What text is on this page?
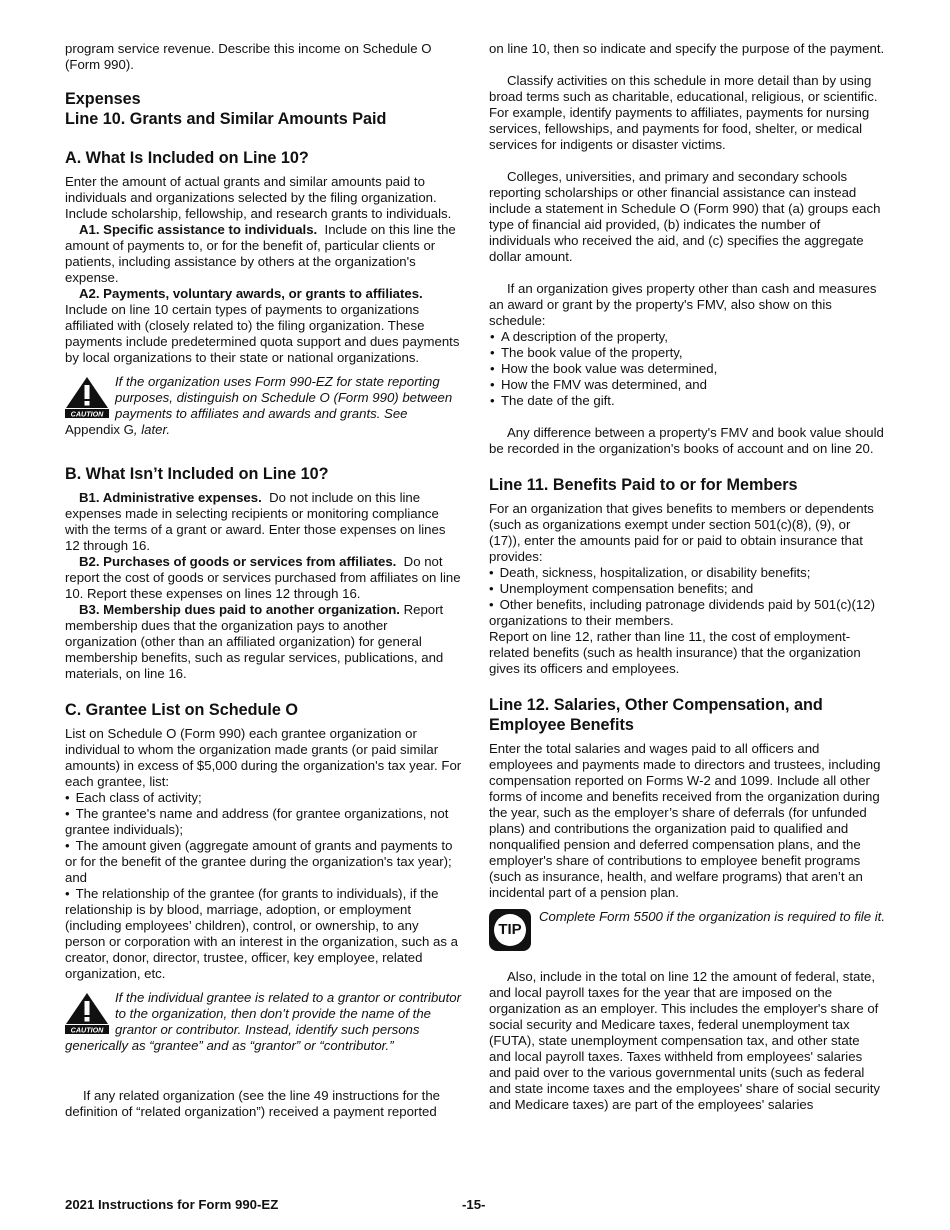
program service revenue. Describe this income on Schedule O (Form 990).

Expenses
Line 10. Grants and Similar Amounts Paid
A. What Is Included on Line 10?

Enter the amount of actual grants and similar amounts paid to individuals and organizations selected by the filing organization. Include scholarship, fellowship, and research grants to individuals.

A1. Specific assistance to individuals. Include on this line the amount of payments to, or for the benefit of, particular clients or patients, including assistance by others at the organization's expense.

A2. Payments, voluntary awards, or grants to affiliates. Include on line 10 certain types of payments to organizations affiliated with (closely related to) the filing organization. These payments include predetermined quota support and dues payments by local organizations to their state or national organizations.

CAUTION
If the organization uses Form 990-EZ for state reporting purposes, distinguish on Schedule O (Form 990) between payments to affiliates and awards and grants. See Appendix G, later.
B. What Isn’t Included on Line 10?

B1. Administrative expenses. Do not include on this line expenses made in selecting recipients or monitoring compliance with the terms of a grant or award. Enter those expenses on lines 12 through 16.

B2. Purchases of goods or services from affiliates. Do not report the cost of goods or services purchased from affiliates on line 10. Report these expenses on lines 12 through 16.

B3. Membership dues paid to another organization. Report membership dues that the organization pays to another organization (other than an affiliated organization) for general membership benefits, such as regular services, publications, and materials, on line 16.

C. Grantee List on Schedule O

List on Schedule O (Form 990) each grantee organization or individual to whom the organization made grants (or paid similar amounts) in excess of $5,000 during the organization's tax year. For each grantee, list:

• Each class of activity;
• The grantee's name and address (for grantee organizations, not grantee individuals);
• The amount given (aggregate amount of grants and payments to or for the benefit of the grantee during the organization's tax year); and
• The relationship of the grantee (for grants to individuals), if the relationship is by blood, marriage, adoption, or employment (including employees’ children), control, or ownership, to any person or corporation with an interest in the organization, such as a creator, donor, director, trustee, officer, key employee, related organization, etc.
CAUTION
If the individual grantee is related to a grantor or contributor to the organization, then don’t provide the name of the grantor or contributor. Instead, identify such persons generically as “grantee” and as “grantor” or “contributor.”

If any related organization (see the line 49 instructions for the definition of “related organization”) received a payment reported

on line 10, then so indicate and specify the purpose of the payment.

Classify activities on this schedule in more detail than by using broad terms such as charitable, educational, religious, or scientific. For example, identify payments to affiliates, payments for nursing services, fellowships, and payments for food, shelter, or medical services for indigents or disaster victims.

Colleges, universities, and primary and secondary schools reporting scholarships or other financial assistance can instead include a statement in Schedule O (Form 990) that (a) groups each type of financial aid provided, (b) indicates the number of individuals who received the aid, and (c) specifies the aggregate dollar amount.

If an organization gives property other than cash and measures an award or grant by the property's FMV, also show on this schedule:

• A description of the property,
• The book value of the property,
• How the book value was determined,
• How the FMV was determined, and
• The date of the gift.

Any difference between a property's FMV and book value should be recorded in the organization's books of account and on line 20.

Line 11. Benefits Paid to or for Members

For an organization that gives benefits to members or dependents (such as organizations exempt under section 501(c)(8), (9), or (17)), enter the amounts paid for or paid to obtain insurance that provides:

• Death, sickness, hospitalization, or disability benefits;
• Unemployment compensation benefits; and
• Other benefits, including patronage dividends paid by 501(c)(12) organizations to their members.

Report on line 12, rather than line 11, the cost of employment-related benefits (such as health insurance) that the organization gives its officers and employees.

Line 12. Salaries, Other Compensation, and Employee Benefits

Enter the total salaries and wages paid to all officers and employees and payments made to directors and trustees, including compensation reported on Forms W-2 and 1099. Include all other forms of income and benefits received from the organization during the year, such as the employer’s share of deferrals (for unfunded plans) and contributions the organization paid to qualified and nonqualified pension and deferred compensation plans, and the employer's share of contributions to employee benefit programs (such as insurance, health, and welfare programs) that aren’t an incidental part of a pension plan.

TIP
Complete Form 5500 if the organization is required to file it.

Also, include in the total on line 12 the amount of federal, state, and local payroll taxes for the year that are imposed on the organization as an employer. This includes the employer's share of social security and Medicare taxes, federal unemployment tax (FUTA), state unemployment compensation tax, and other state and local payroll taxes. Taxes withheld from employees' salaries and paid over to the various governmental units (such as federal and state income taxes and the employees' share of social security and Medicare taxes) are part of the employees' salaries

2021 Instructions for Form 990-EZ	-15-
